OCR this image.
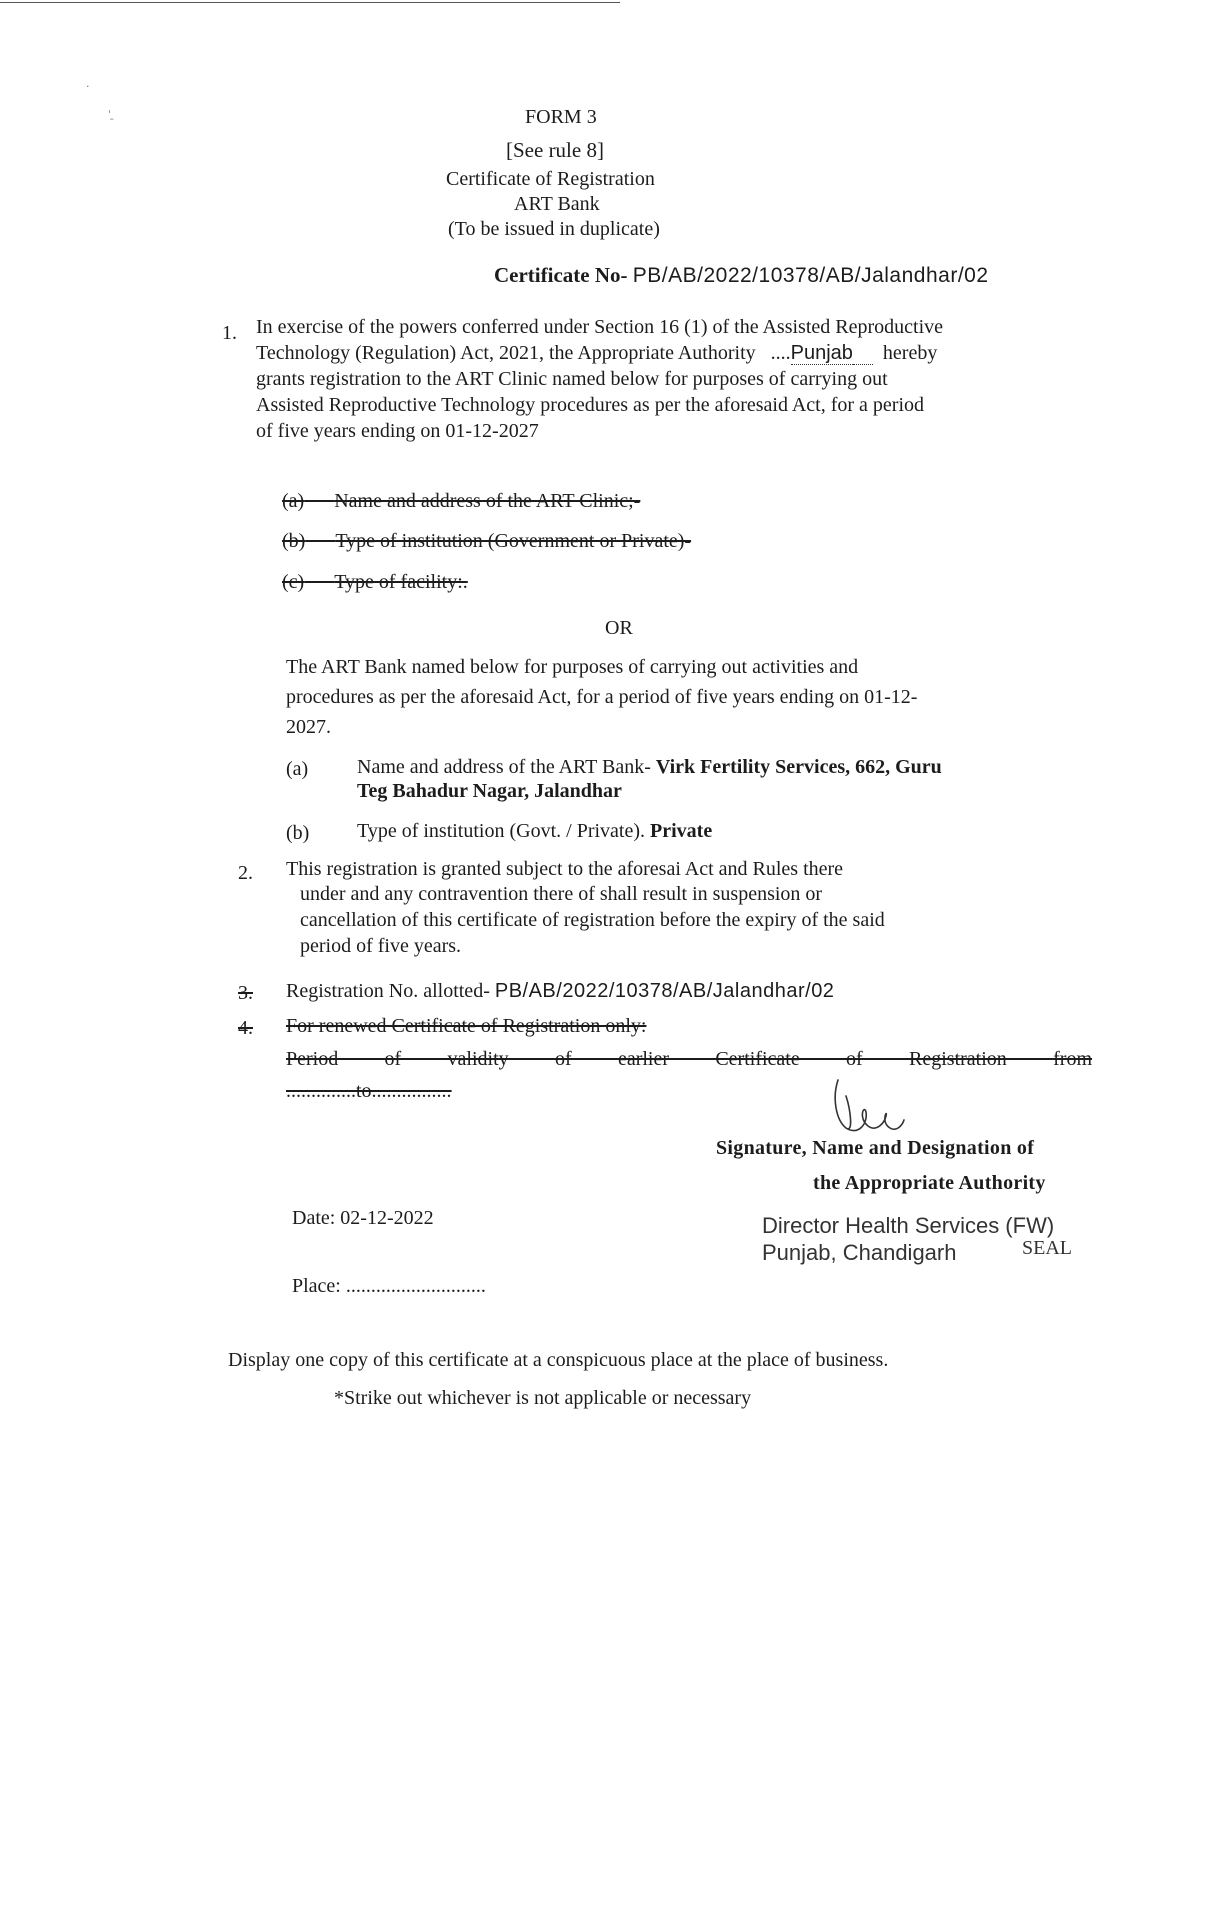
·
ˈ ̱	FORM 3
[See rule 8]
Certificate of Registration
ART Bank
(To be issued in duplicate)
Certificate No- PB/AB/2022/10378/AB/Jalandhar/02
1. In exercise of the powers conferred under Section 16 (1) of the Assisted Reproductive
Technology (Regulation) Act, 2021, the Appropriate Authority ....Punjab hereby
grants registration to the ART Clinic named below for purposes of carrying out
Assisted Reproductive Technology procedures as per the aforesaid Act, for a period
of five years ending on 01-12-2027
(a) Name and address of the ART Clinic;-
(b) Type of institution (Government or Private)-
(c) Type of facility:.
OR
The ART Bank named below for purposes of carrying out activities and
procedures as per the aforesaid Act, for a period of five years ending on 01-12-
2027.
(a) Name and address of the ART Bank- Virk Fertility Services, 662, Guru
Teg Bahadur Nagar, Jalandhar
(b) Type of institution (Govt. / Private). Private
2. This registration is granted subject to the aforesai Act and Rules there
under and any contravention there of shall result in suspension or
cancellation of this certificate of registration before the expiry of the said
period of five years.
3. Registration No. allotted- PB/AB/2022/10378/AB/Jalandhar/02
4. For renewed Certificate of Registration only:
Period of validity of earlier Certificate of Registration from
..............to................
Signature, Name and Designation of
the Appropriate Authority
Director Health Services (FW)
Punjab, Chandigarh	SEAL
Date: 02-12-2022
Place: ............................
Display one copy of this certificate at a conspicuous place at the place of business.
*Strike out whichever is not applicable or necessary
